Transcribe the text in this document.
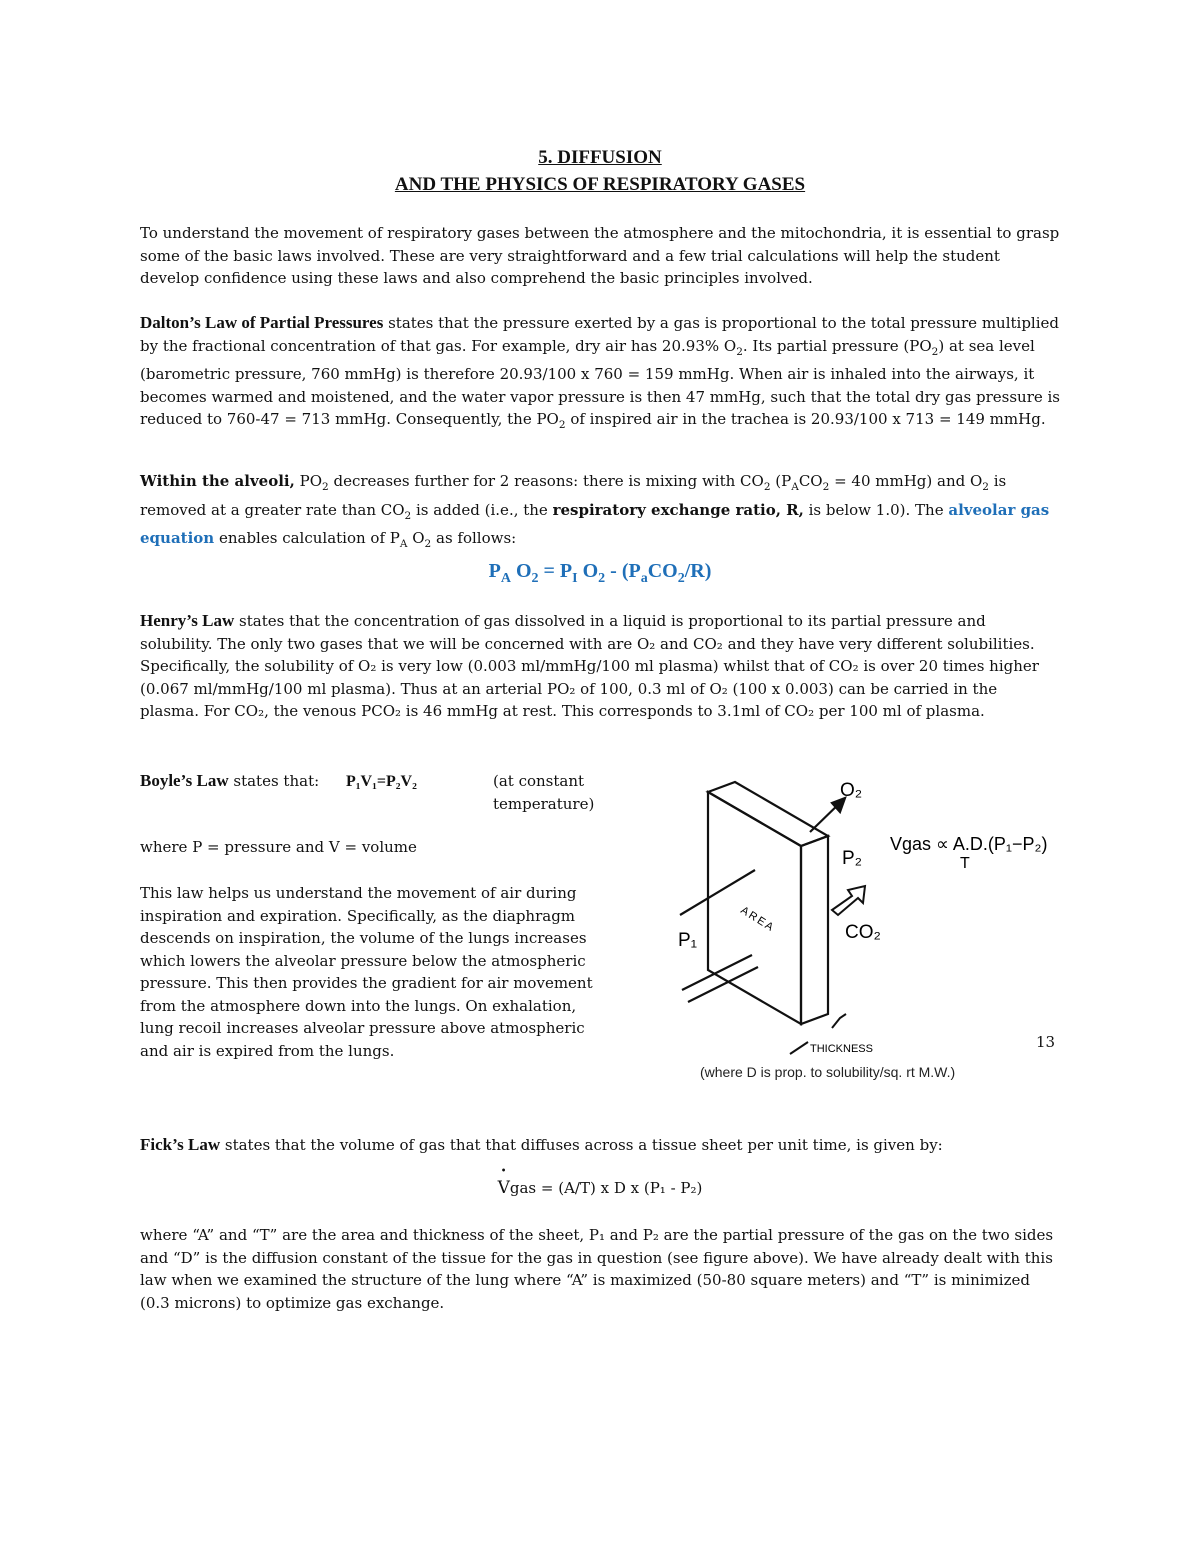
5. DIFFUSION
AND THE PHYSICS OF RESPIRATORY GASES

To understand the movement of respiratory gases between the atmosphere and the mitochondria, it is essential to grasp some of the basic laws involved. These are very straightforward and a few trial calculations will help the student develop confidence using these laws and also comprehend the basic principles involved.

Dalton’s Law of Partial Pressures states that the pressure exerted by a gas is proportional to the total pressure multiplied by the fractional concentration of that gas. For example, dry air has 20.93% $O_2$. Its partial pressure $(PO_2)$ at sea level (barometric pressure, 760 mmHg) is therefore 20.93/100 x 760 = 159 mmHg. When air is inhaled into the airways, it becomes warmed and moistened, and the water vapor pressure is then 47 mmHg, such that the total dry gas pressure is reduced to 760-47 = 713 mmHg. Consequently, the $PO_2$ of inspired air in the trachea is 20.93/100 x 713 = 149 mmHg.

Within the alveoli, $PO_2$ decreases further for 2 reasons: there is mixing with $CO_2$ ($P_ACO_2 = 40$ mmHg) and $O_2$ is removed at a greater rate than $CO_2$ is added (i.e., the respiratory exchange ratio, R, is below 1.0). The alveolar gas equation enables calculation of $P_A$ $O_2$ as follows:

$P_A$ $O_2 = P_I$ $O_2 - (P_aCO_2/R)$

Henry’s Law states that the concentration of gas dissolved in a liquid is proportional to its partial pressure and solubility. The only two gases that we will be concerned with are O₂ and CO₂ and they have very different solubilities. Specifically, the solubility of O₂ is very low (0.003 ml/mmHg/100 ml plasma) whilst that of CO₂ is over 20 times higher (0.067 ml/mmHg/100 ml plasma). Thus at an arterial PO₂ of 100, 0.3 ml of O₂ (100 x 0.003) can be carried in the plasma. For CO₂, the venous PCO₂ is 46 mmHg at rest. This corresponds to 3.1ml of CO₂ per 100 ml of plasma.

Boyle’s Law states that: P₁V₁=P₂V₂	(at constant temperature)

where P = pressure and V = volume

This law helps us understand the movement of air during inspiration and expiration. Specifically, as the diaphragm descends on inspiration, the volume of the lungs increases which lowers the alveolar pressure below the atmospheric pressure. This then provides the gradient for air movement from the atmosphere down into the lungs. On exhalation, lung recoil increases alveolar pressure above atmospheric and air is expired from the lungs.

O₂
P₂
CO₂
P₁
AREA
THICKNESS
Vgas ∝ A.D.(P₁−P₂)
T
(where D is prop. to solubility/sq. rt M.W.)

Fick’s Law states that the volume of gas that that diffuses across a tissue sheet per unit time, is given by:

• Vgas = (A/T) x D x (P₁ - P₂)

where “A” and “T” are the area and thickness of the sheet, P₁ and P₂ are the partial pressure of the gas on the two sides and “D” is the diffusion constant of the tissue for the gas in question (see figure above). We have already dealt with this law when we examined the structure of the lung where “A” is maximized (50-80 square meters) and “T” is minimized (0.3 microns) to optimize gas exchange.

13
